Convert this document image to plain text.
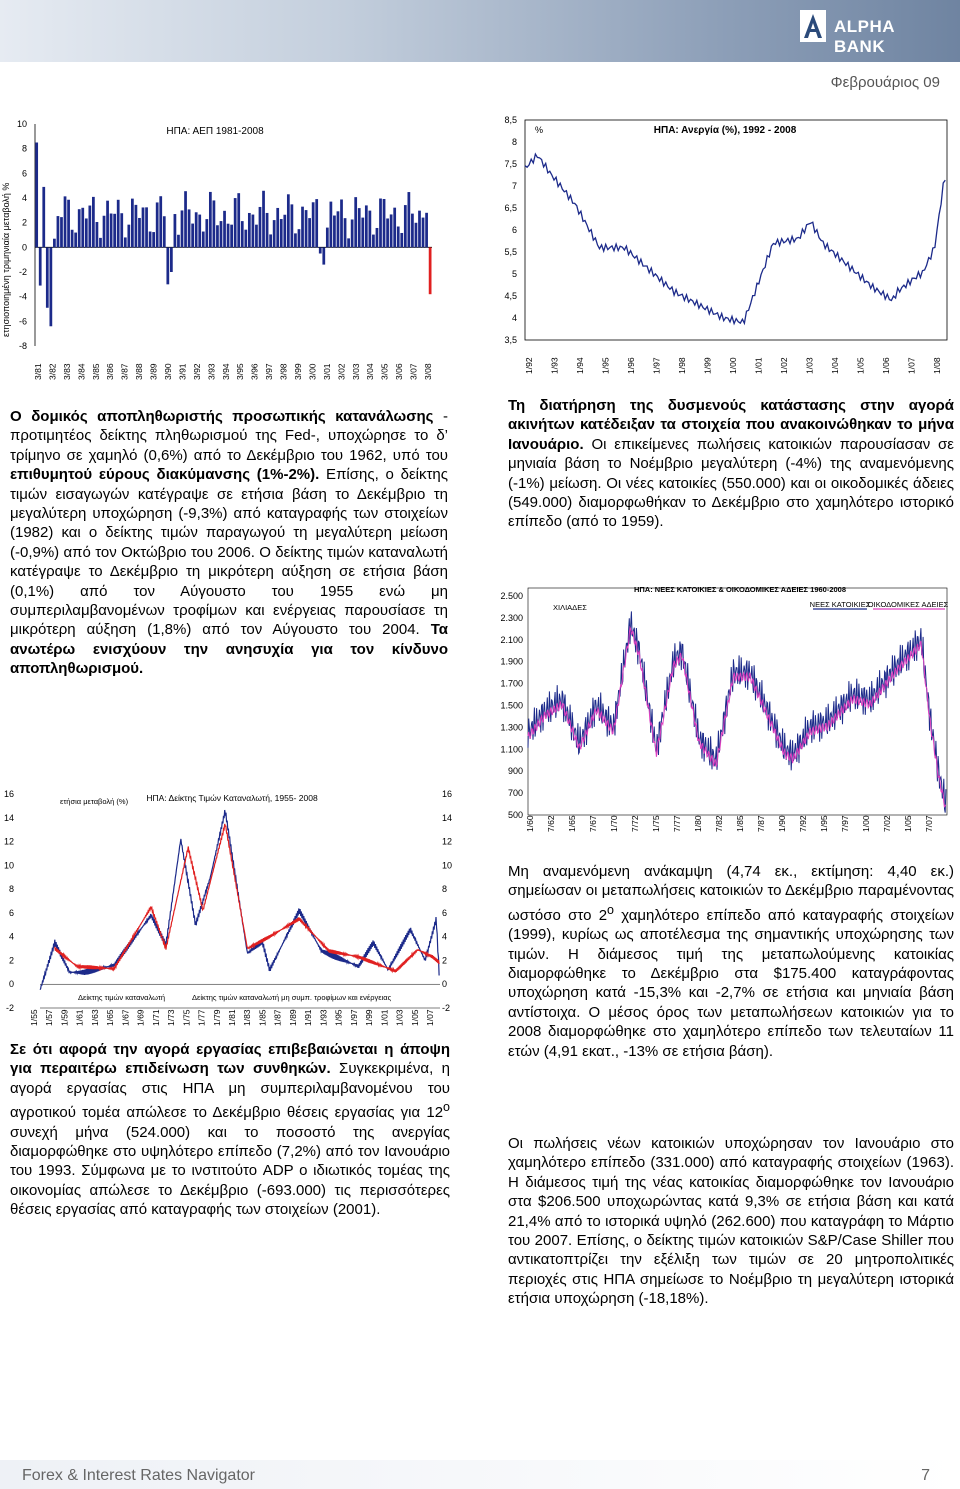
ALPHA BANK
Φεβρουάριος 09
10
8
6
4
2
0
-2
-4
-6
-8
ετησιοποιημένη τριμηνιαία μεταβολή %
ΗΠΑ: ΑΕΠ 1981-2008
3/81 3/82 3/83 3/84 3/85 3/86 3/87 3/88 3/89 3/90 3/91 3/92 3/93 3/94 3/95 3/96 3/97 3/98 3/99 3/00 3/01 3/02 3/03 3/04 3/05 3/06 3/07 3/08
8,5
8
7,5
7
6,5
6
5,5
5
4,5
4
3,5
%	ΗΠΑ: Ανεργία (%), 1992 - 2008
1/92 1/93 1/94 1/95 1/96 1/97 1/98 1/99 1/00 1/01 1/02 1/03 1/04 1/05 1/06 1/07 1/08
Ο δομικός αποπληθωριστής προσωπικής κατανάλωσης - προτιμητέος δείκτης πληθωρισμού της Fed-, υποχώρησε το δ’ τρίμηνο σε χαμηλό (0,6%) από το Δεκέμβριο του 1962, υπό του επιθυμητού εύρους διακύμανσης (1%-2%). Επίσης, ο δείκτης τιμών εισαγωγών κατέγραψε σε ετήσια βάση το Δεκέμβριο τη μεγαλύτερη υποχώρηση (-9,3%) από καταγραφής των στοιχείων (1982) και ο δείκτης τιμών παραγωγού τη μεγαλύτερη μείωση (-0,9%) από τον Οκτώβριο του 2006. Ο δείκτης τιμών καταναλωτή κατέγραψε το Δεκέμβριο τη μικρότερη αύξηση σε ετήσια βάση (0,1%) από τον Αύγουστο του 1955 ενώ μη συμπεριλαμβανομένων τροφίμων και ενέργειας παρουσίασε τη μικρότερη αύξηση (1,8%) από τον Αύγουστο του 2004. Τα ανωτέρω ενισχύουν την ανησυχία για τον κίνδυνο αποπληθωρισμού.
Τη διατήρηση της δυσμενούς κατάστασης στην αγορά ακινήτων κατέδειξαν τα στοιχεία που ανακοινώθηκαν το μήνα Ιανουάριο. Οι επικείμενες πωλήσεις κατοικιών παρουσίασαν σε μηνιαία βάση το Νοέμβριο μεγαλύτερη (-4%) της αναμενόμενης (-1%) μείωση. Οι νέες κατοικίες (550.000) και οι οικοδομικές άδειες (549.000) διαμορφωθήκαν το Δεκέμβριο στο χαμηλότερο ιστορικό επίπεδο (από το 1959).
2.500
2.300
2.100
1.900
1.700
1.500
1.300
1.100
900
700
500
ΗΠΑ: ΝΕΕΣ ΚΑΤΟΙΚΙΕΣ & ΟΙΚΟΔΟΜΙΚΕΣ ΑΔΕΙΕΣ 1960-2008
ΧΙΛΙΑΔΕΣ	ΝΕΕΣ ΚΑΤΟΙΚΙΕΣ
ΟΙΚΟΔΟΜΙΚΕΣ ΑΔΕΙΕΣ
1/60 7/62 1/65 7/67 1/70 7/72 1/75 7/77 1/80 7/82 1/85 7/87 1/90 7/92 1/95 7/97 1/00 7/02 1/05 7/07
16
14
12
10
8
6
4
2
0
-2
16
14
12
10
8
6
4
2
0
-2
ετήσια μεταβολή (%) ΗΠΑ: Δείκτης Τιμών Καταναλωτή, 1955- 2008
Δείκτης τιμών καταναλωτή	Δείκτης τιμών καταναλωτή μη συμπ. τροφίμων και ενέργειας
1/55 1/57 1/59 1/61 1/63 1/65 1/67 1/69 1/71 1/73 1/75 1/77 1/79 1/81 1/83 1/85 1/87 1/89 1/91 1/93 1/95 1/97 1/99 1/01 1/03 1/05 1/07
Σε ότι αφορά την αγορά εργασίας επιβεβαιώνεται η άποψη για περαιτέρω επιδείνωση των συνθηκών. Συγκεκριμένα, η αγορά εργασίας στις ΗΠΑ μη συμπεριλαμβανομένου του αγροτικού τομέα απώλεσε το Δεκέμβριο θέσεις εργασίας για $12^o$ συνεχή μήνα (524.000) και το ποσοστό της ανεργίας διαμορφώθηκε στο υψηλότερο επίπεδο (7,2%) από τον Ιανουάριο του 1993. Σύμφωνα με το ινστιτούτο ADP ο ιδιωτικός τομέας της οικονομίας απώλεσε το Δεκέμβριο (-693.000) τις περισσότερες θέσεις εργασίας από καταγραφής των στοιχείων (2001).
Μη αναμενόμενη ανάκαμψη (4,74 εκ., εκτίμηση: 4,40 εκ.) σημείωσαν οι μεταπωλήσεις κατοικιών το Δεκέμβριο παραμένοντας ωστόσο στο $2^o$ χαμηλότερο επίπεδο από καταγραφής στοιχείων (1999), κυρίως ως αποτέλεσμα της σημαντικής υποχώρησης των τιμών. Η διάμεσος τιμή της μεταπωλούμενης κατοικίας διαμορφώθηκε το Δεκέμβριο στα $175.400 καταγράφοντας υποχώρηση κατά -15,3% και -2,7% σε ετήσια και μηνιαία βάση αντίστοιχα. Ο μέσος όρος των μεταπωλήσεων κατοικιών για το 2008 διαμορφώθηκε στο χαμηλότερο επίπεδο των τελευταίων 11 ετών (4,91 εκατ., -13% σε ετήσια βάση).
Οι πωλήσεις νέων κατοικιών υποχώρησαν τον Ιανουάριο στο χαμηλότερο επίπεδο (331.000) από καταγραφής στοιχείων (1963). Η διάμεσος τιμή της νέας κατοικίας διαμορφώθηκε τον Ιανουάριο στα $206.500 υποχωρώντας κατά 9,3% σε ετήσια βάση και κατά 21,4% από το ιστορικά υψηλό (262.600) που καταγράφη το Μάρτιο του 2007. Επίσης, ο δείκτης τιμών κατοικιών S&P/Case Shiller που αντικατοπτρίζει την εξέλιξη των τιμών σε 20 μητροπολιτικές περιοχές στις ΗΠΑ σημείωσε το Νοέμβριο τη μεγαλύτερη ιστορικά ετήσια υποχώρηση (-18,18%).
Forex & Interest Rates Navigator	7
